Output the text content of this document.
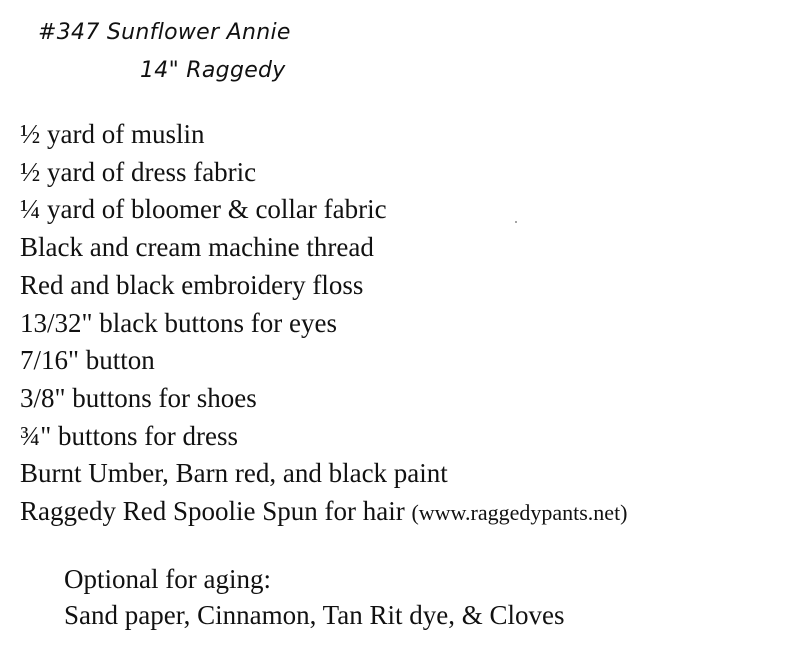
#347 Sunflower Annie
14" Raggedy
½ yard of muslin
½ yard of dress fabric
¼ yard of bloomer & collar fabric
Black and cream machine thread
Red and black embroidery floss
13/32" black buttons for eyes
7/16" button
3/8" buttons for shoes
¾" buttons for dress
Burnt Umber, Barn red, and black paint
Raggedy Red Spoolie Spun for hair (www.raggedypants.net)
Optional for aging:
Sand paper, Cinnamon, Tan Rit dye, & Cloves
